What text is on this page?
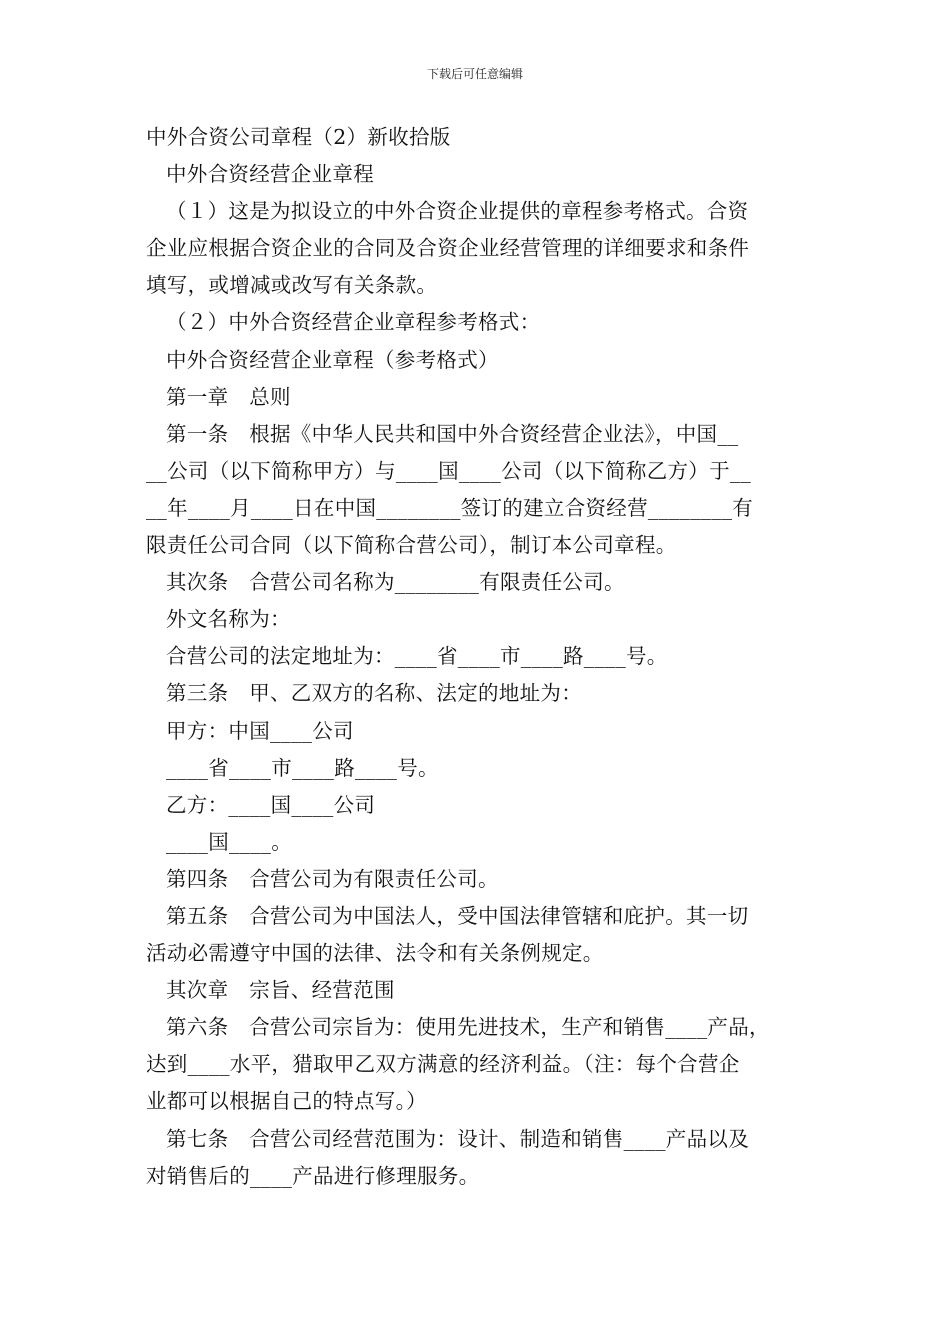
下载后可任意编辑
中外合资公司章程（2）新收拾版
中外合资经营企业章程
（１）这是为拟设立的中外合资企业提供的章程参考格式。合资
企业应根据合资企业的合同及合资企业经营管理的详细要求和条件
填写，或增减或改写有关条款。
（２）中外合资经营企业章程参考格式：
中外合资经营企业章程（参考格式）
第一章　总则
第一条　根据《中华人民共和国中外合资经营企业法》，中国__
__公司（以下简称甲方）与____国____公司（以下简称乙方）于__
__年____月____日在中国________签订的建立合资经营________有
限责任公司合同（以下简称合营公司），制订本公司章程。
其次条　合营公司名称为________有限责任公司。
外文名称为：
合营公司的法定地址为：____省____市____路____号。
第三条　甲、乙双方的名称、法定的地址为：
甲方：中国____公司
____省____市____路____号。
乙方：____国____公司
____国____。
第四条　合营公司为有限责任公司。
第五条　合营公司为中国法人，受中国法律管辖和庇护。其一切
活动必需遵守中国的法律、法令和有关条例规定。
其次章　宗旨、经营范围
第六条　合营公司宗旨为：使用先进技术，生产和销售____产品，
达到____水平，猎取甲乙双方满意的经济利益。（注：每个合营企
业都可以根据自己的特点写。）
第七条　合营公司经营范围为：设计、制造和销售____产品以及
对销售后的____产品进行修理服务。
